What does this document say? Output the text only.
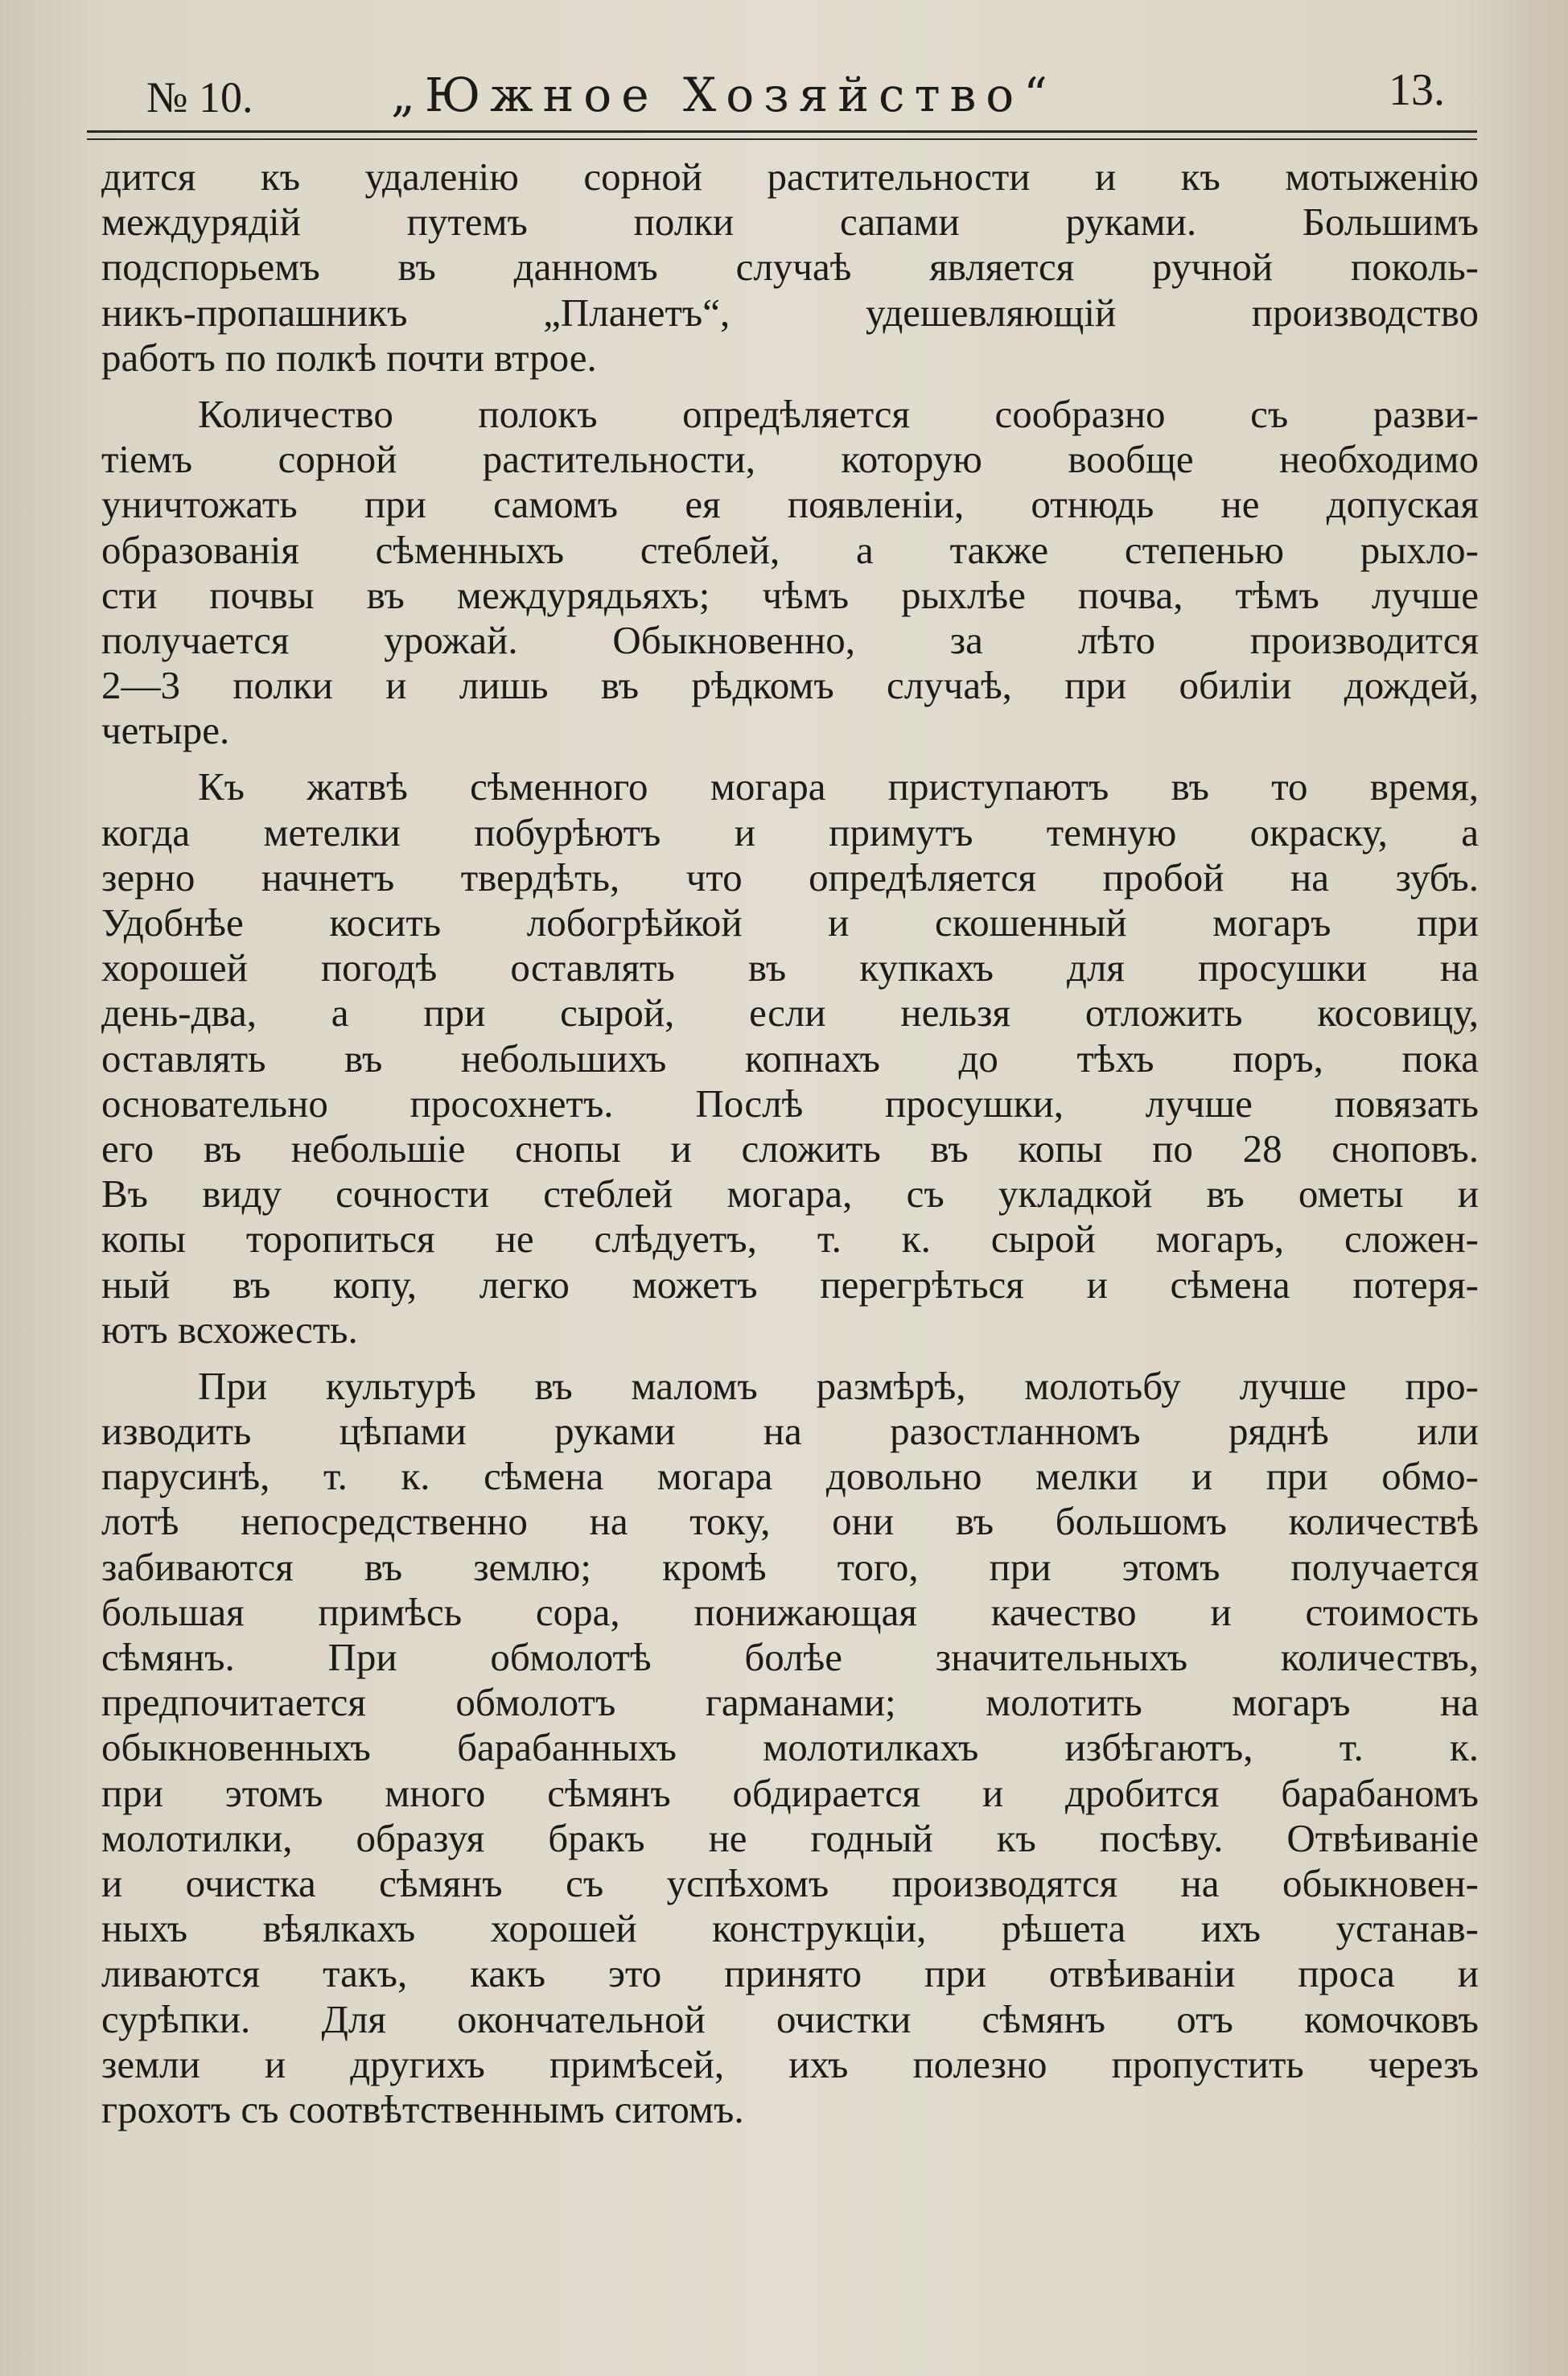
№ 10.	„Южное Хозяйство“	13.
дится къ удаленію сорной растительности и къ мотыженію
междурядій путемъ полки сапами руками. Большимъ
подспорьемъ въ данномъ случаѣ является ручной поколь-
никъ-пропашникъ „Планетъ“, удешевляющій производство
работъ по полкѣ почти втрое.
Количество полокъ опредѣляется сообразно съ разви-
тіемъ сорной растительности, которую вообще необходимо
уничтожать при самомъ ея появленіи, отнюдь не допуская
образованія сѣменныхъ стеблей, а также степенью рыхло-
сти почвы въ междурядьяхъ; чѣмъ рыхлѣе почва, тѣмъ лучше
получается урожай. Обыкновенно, за лѣто производится
2—3 полки и лишь въ рѣдкомъ случаѣ, при обиліи дождей,
четыре.
Къ жатвѣ сѣменного могара приступаютъ въ то время,
когда метелки побурѣютъ и примутъ темную окраску, а
зерно начнетъ твердѣть, что опредѣляется пробой на зубъ.
Удобнѣе косить лобогрѣйкой и скошенный могаръ при
хорошей погодѣ оставлять въ купкахъ для просушки на
день-два, а при сырой, если нельзя отложить косовицу,
оставлять въ небольшихъ копнахъ до тѣхъ поръ, пока
основательно просохнетъ. Послѣ просушки, лучше повязать
его въ небольшіе снопы и сложить въ копы по 28 сноповъ.
Въ виду сочности стеблей могара, съ укладкой въ ометы и
копы торопиться не слѣдуетъ, т. к. сырой могаръ, сложен-
ный въ копу, легко можетъ перегрѣться и сѣмена потеря-
ютъ всхожесть.
При культурѣ въ маломъ размѣрѣ, молотьбу лучше про-
изводить цѣпами руками на разостланномъ ряднѣ или
парусинѣ, т. к. сѣмена могара довольно мелки и при обмо-
лотѣ непосредственно на току, они въ большомъ количествѣ
забиваются въ землю; кромѣ того, при этомъ получается
большая примѣсь сора, понижающая качество и стоимость
сѣмянъ. При обмолотѣ болѣе значительныхъ количествъ,
предпочитается обмолотъ гарманами; молотить могаръ на
обыкновенныхъ барабанныхъ молотилкахъ избѣгаютъ, т. к.
при этомъ много сѣмянъ обдирается и дробится барабаномъ
молотилки, образуя бракъ не годный къ посѣву. Отвѣиваніе
и очистка сѣмянъ съ успѣхомъ производятся на обыкновен-
ныхъ вѣялкахъ хорошей конструкціи, рѣшета ихъ устанав-
ливаются такъ, какъ это принято при отвѣиваніи проса и
сурѣпки. Для окончательной очистки сѣмянъ отъ комочковъ
земли и другихъ примѣсей, ихъ полезно пропустить черезъ
грохотъ съ соотвѣтственнымъ ситомъ.
